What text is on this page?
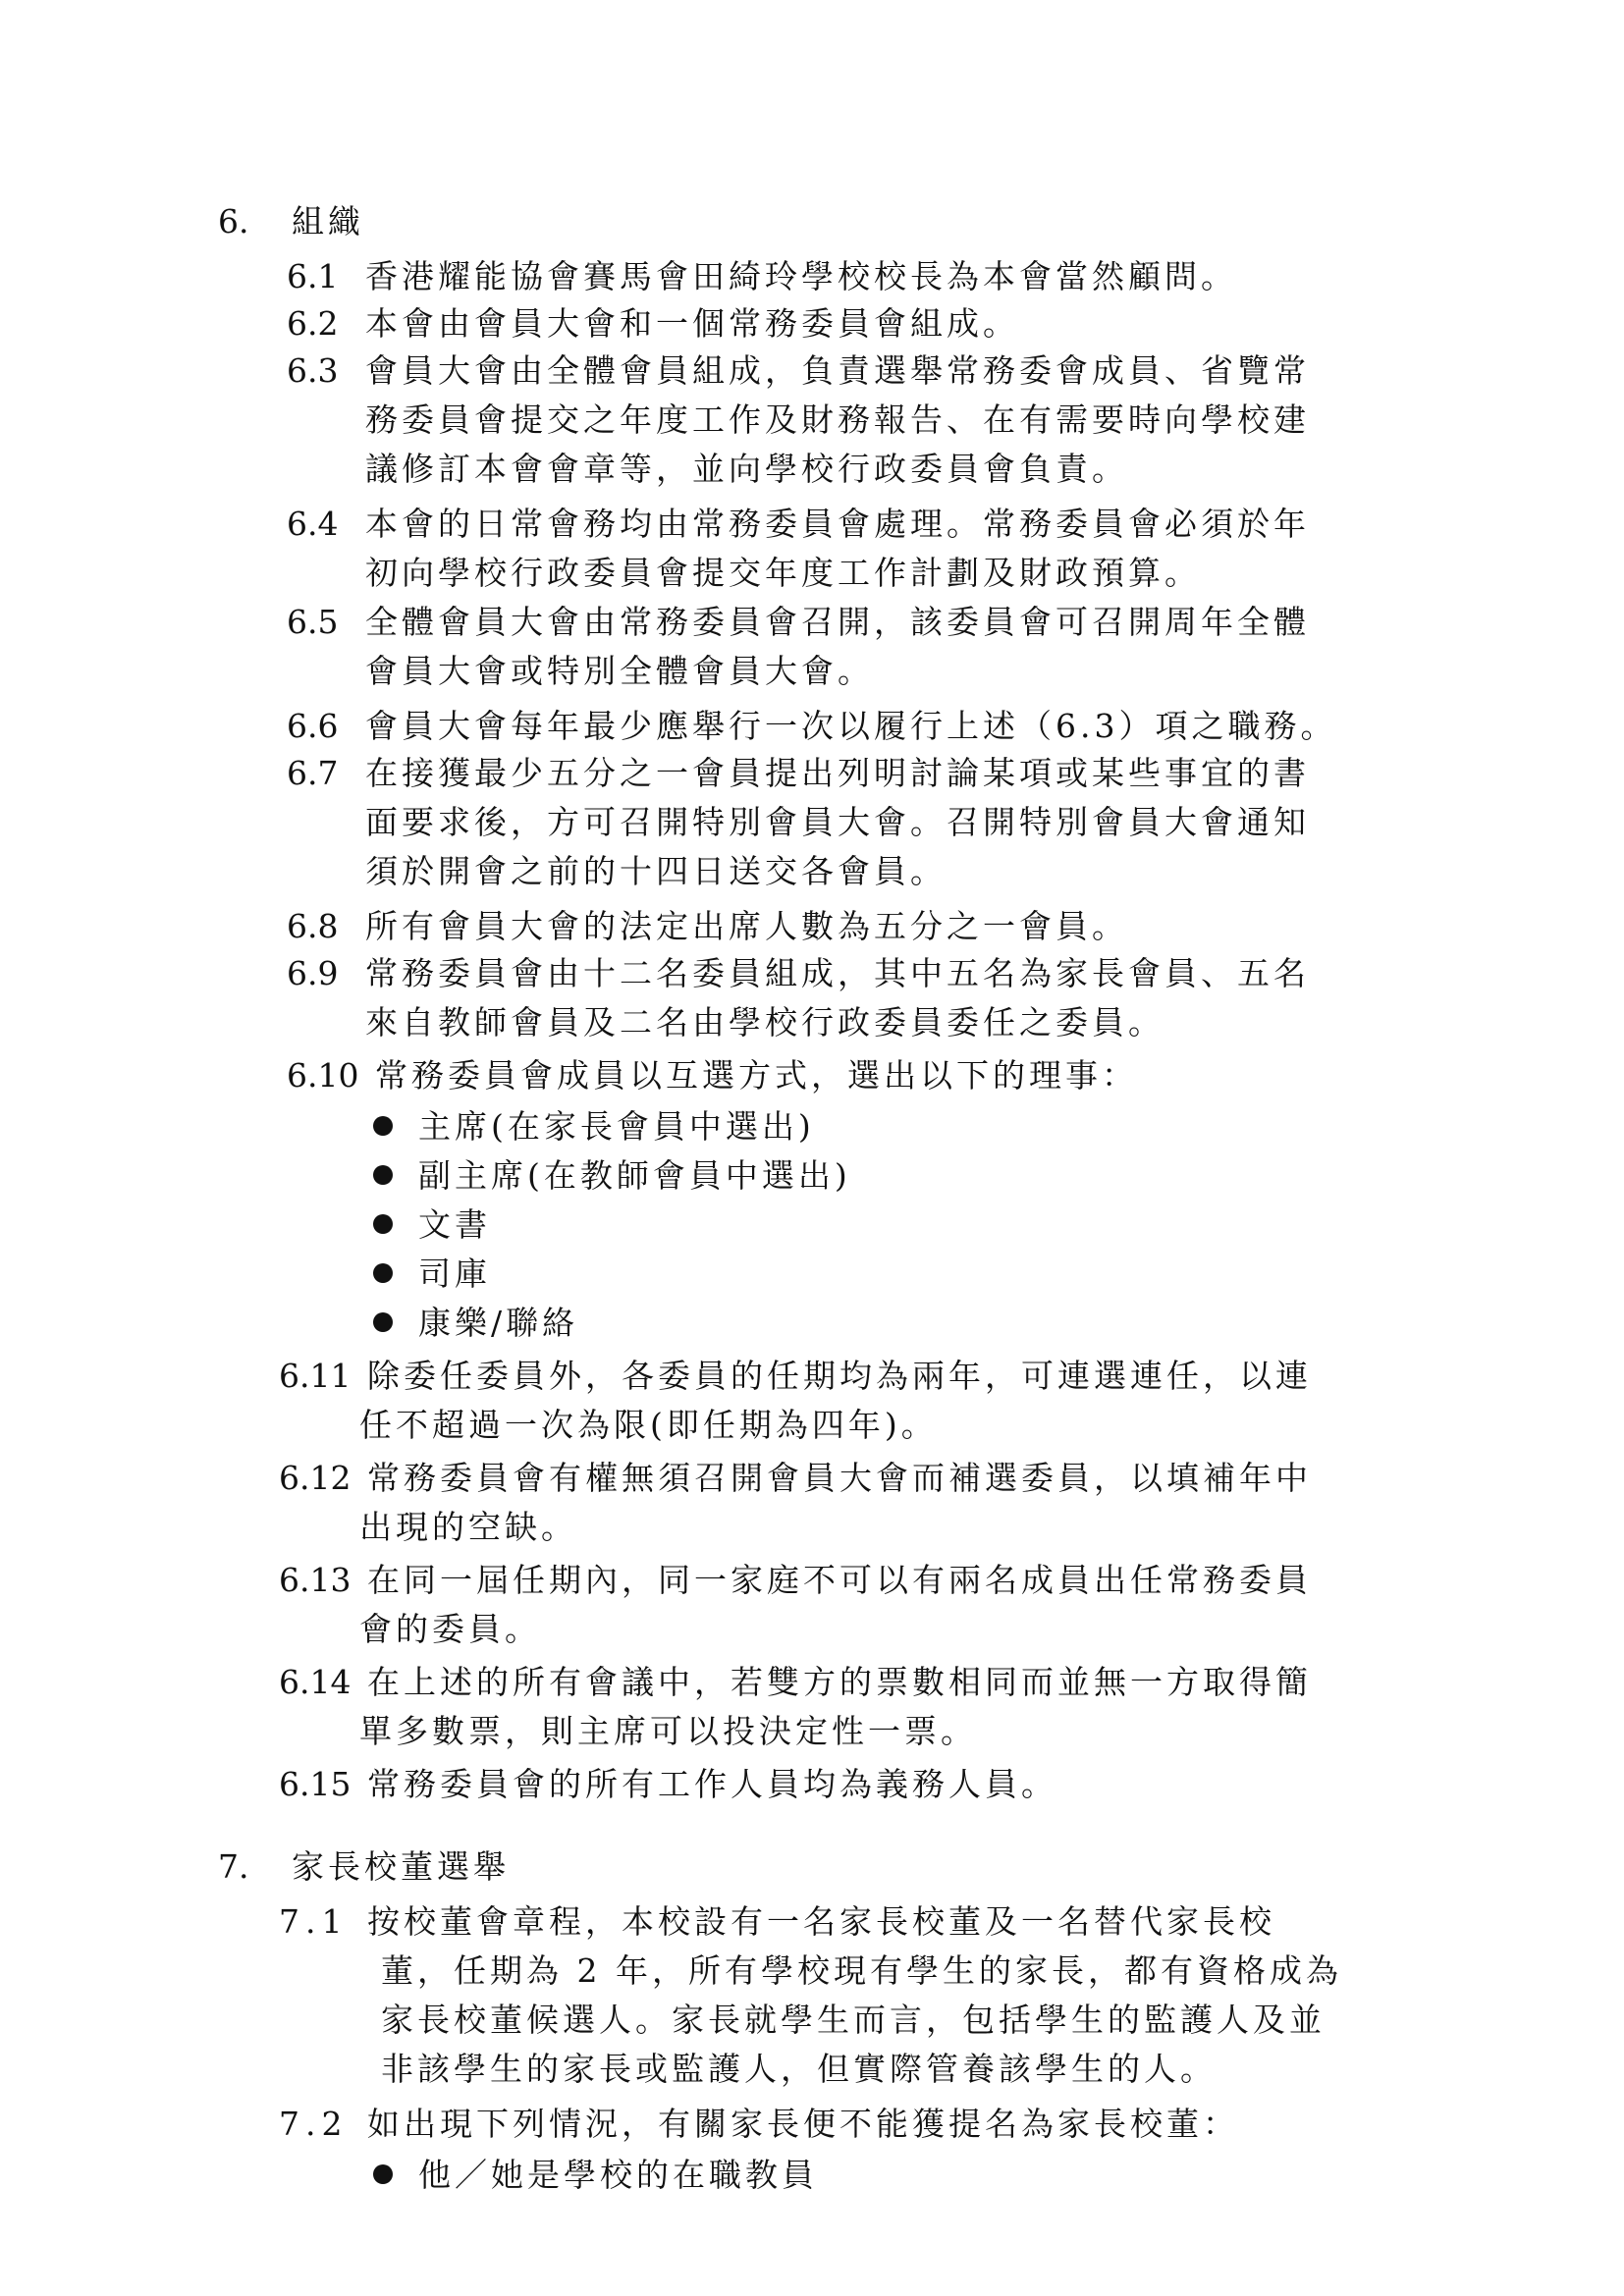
6. 組織
6.1 香港耀能協會賽馬會田綺玲學校校長為本會當然顧問。
6.2 本會由會員大會和一個常務委員會組成。
6.3 會員大會由全體會員組成，負責選舉常務委會成員、省覽常
務委員會提交之年度工作及財務報告、在有需要時向學校建
議修訂本會會章等，並向學校行政委員會負責。
6.4 本會的日常會務均由常務委員會處理。常務委員會必須於年
初向學校行政委員會提交年度工作計劃及財政預算。
6.5 全體會員大會由常務委員會召開，該委員會可召開周年全體
會員大會或特別全體會員大會。
6.6 會員大會每年最少應舉行一次以履行上述（6.3）項之職務。
6.7 在接獲最少五分之一會員提出列明討論某項或某些事宜的書
面要求後，方可召開特別會員大會。召開特別會員大會通知
須於開會之前的十四日送交各會員。
6.8 所有會員大會的法定出席人數為五分之一會員。
6.9 常務委員會由十二名委員組成，其中五名為家長會員、五名
來自教師會員及二名由學校行政委員委任之委員。
6.10 常務委員會成員以互選方式，選出以下的理事：
主席(在家長會員中選出)
副主席(在教師會員中選出)
文書
司庫
康樂/聯絡
6.11 除委任委員外，各委員的任期均為兩年，可連選連任，以連
任不超過一次為限(即任期為四年)。
6.12 常務委員會有權無須召開會員大會而補選委員，以填補年中
出現的空缺。
6.13 在同一屆任期內，同一家庭不可以有兩名成員出任常務委員
會的委員。
6.14 在上述的所有會議中，若雙方的票數相同而並無一方取得簡
單多數票，則主席可以投決定性一票。
6.15 常務委員會的所有工作人員均為義務人員。
7. 家長校董選舉
7.1 按校董會章程，本校設有一名家長校董及一名替代家長校
董，任期為 2 年，所有學校現有學生的家長，都有資格成為
家長校董候選人。家長就學生而言，包括學生的監護人及並
非該學生的家長或監護人，但實際管養該學生的人。
7.2 如出現下列情況，有關家長便不能獲提名為家長校董：
他／她是學校的在職教員
